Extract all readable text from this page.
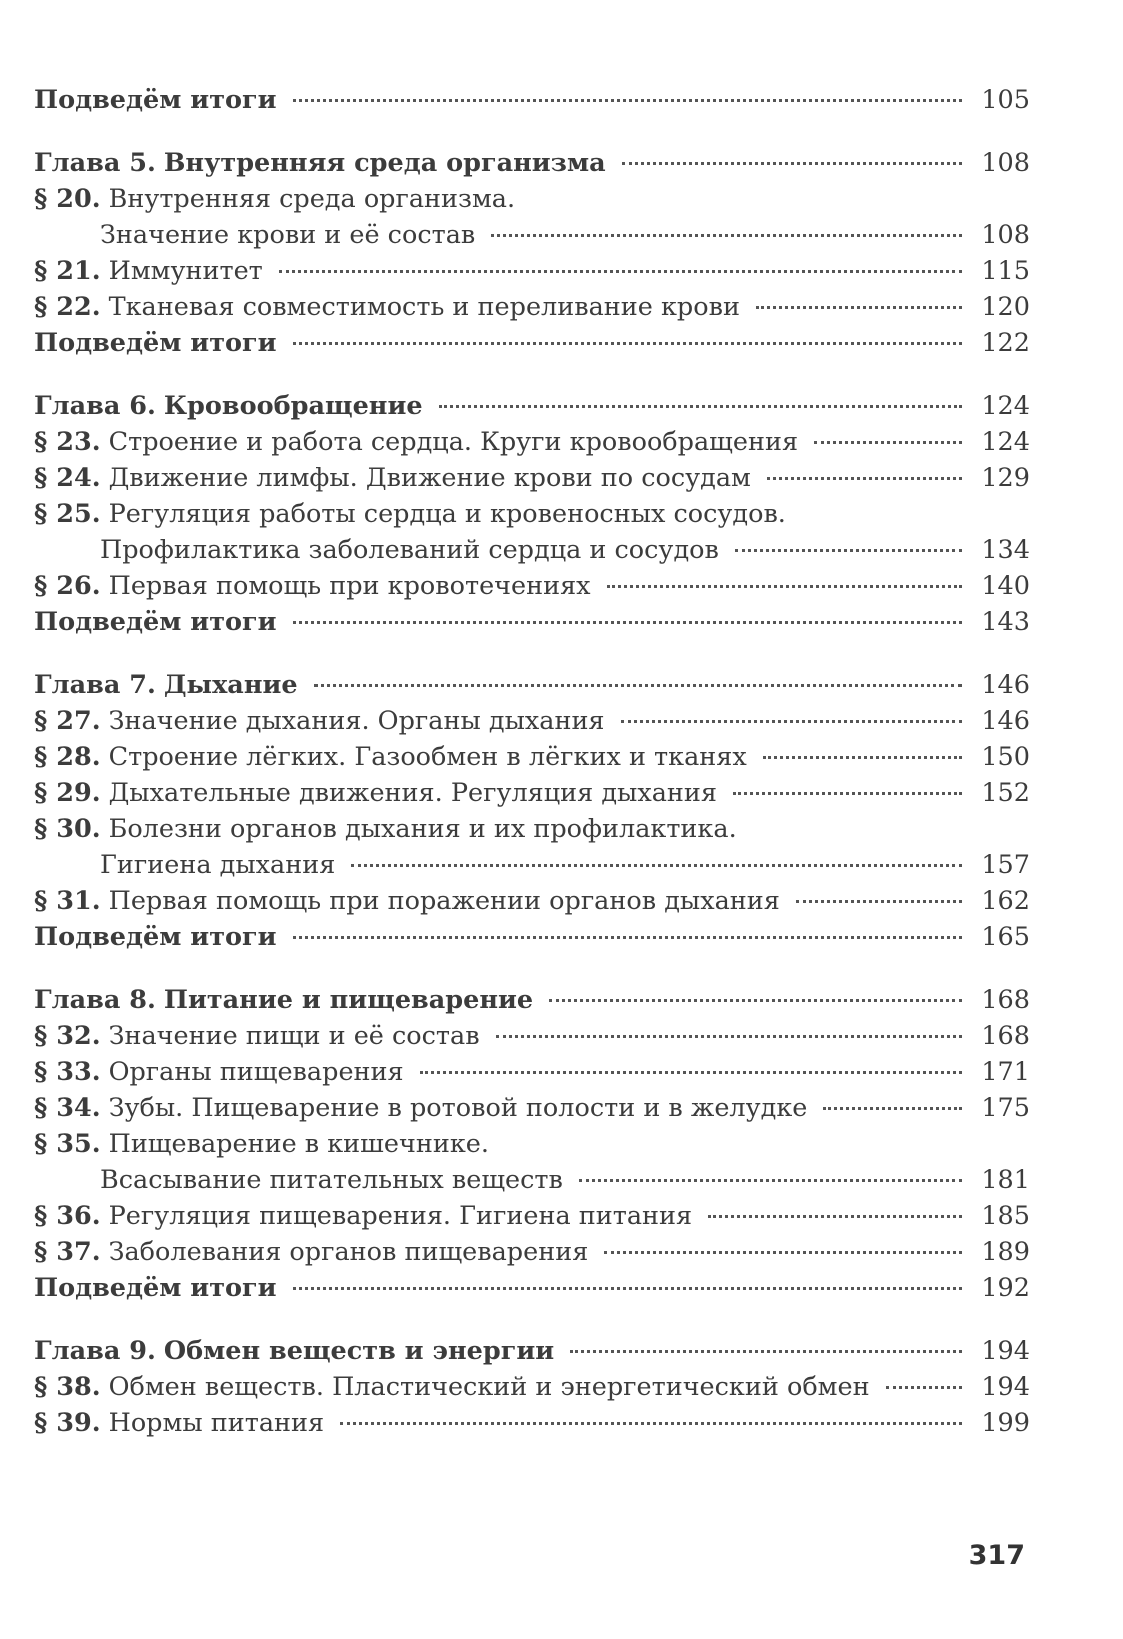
Подведём итоги	105
Глава 5. Внутренняя среда организма	108
§ 20. Внутренняя среда организма.
Значение крови и её состав	108
§ 21. Иммунитет	115
§ 22. Тканевая совместимость и переливание крови	120
Подведём итоги	122
Глава 6. Кровообращение	124
§ 23. Строение и работа сердца. Круги кровообращения	124
§ 24. Движение лимфы. Движение крови по сосудам	129
§ 25. Регуляция работы сердца и кровеносных сосудов.
Профилактика заболеваний сердца и сосудов	134
§ 26. Первая помощь при кровотечениях	140
Подведём итоги	143
Глава 7. Дыхание	146
§ 27. Значение дыхания. Органы дыхания	146
§ 28. Строение лёгких. Газообмен в лёгких и тканях	150
§ 29. Дыхательные движения. Регуляция дыхания	152
§ 30. Болезни органов дыхания и их профилактика.
Гигиена дыхания	157
§ 31. Первая помощь при поражении органов дыхания	162
Подведём итоги	165
Глава 8. Питание и пищеварение	168
§ 32. Значение пищи и её состав	168
§ 33. Органы пищеварения	171
§ 34. Зубы. Пищеварение в ротовой полости и в желудке	175
§ 35. Пищеварение в кишечнике.
Всасывание питательных веществ	181
§ 36. Регуляция пищеварения. Гигиена питания	185
§ 37. Заболевания органов пищеварения	189
Подведём итоги	192
Глава 9. Обмен веществ и энергии	194
§ 38. Обмен веществ. Пластический и энергетический обмен	194
§ 39. Нормы питания	199
317
